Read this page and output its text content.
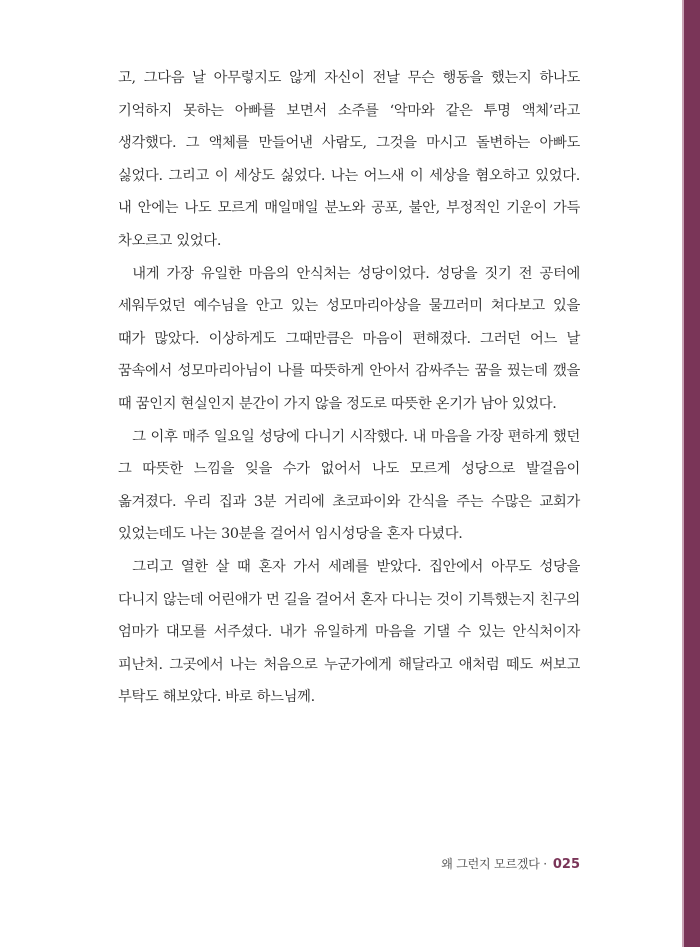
고, 그다음 날 아무렇지도 않게 자신이 전날 무슨 행동을 했는지 하나도 기억하지 못하는 아빠를 보면서 소주를 ‘악마와 같은 투명 액체’라고 생각했다. 그 액체를 만들어낸 사람도, 그것을 마시고 돌변하는 아빠도 싫었다. 그리고 이 세상도 싫었다. 나는 어느새 이 세상을 혐오하고 있었다. 내 안에는 나도 모르게 매일매일 분노와 공포, 불안, 부정적인 기운이 가득 차오르고 있었다.

내게 가장 유일한 마음의 안식처는 성당이었다. 성당을 짓기 전 공터에 세워두었던 예수님을 안고 있는 성모마리아상을 물끄러미 쳐다보고 있을 때가 많았다. 이상하게도 그때만큼은 마음이 편해졌다. 그러던 어느 날 꿈속에서 성모마리아님이 나를 따뜻하게 안아서 감싸주는 꿈을 꿨는데 깼을 때 꿈인지 현실인지 분간이 가지 않을 정도로 따뜻한 온기가 남아 있었다.

그 이후 매주 일요일 성당에 다니기 시작했다. 내 마음을 가장 편하게 했던 그 따뜻한 느낌을 잊을 수가 없어서 나도 모르게 성당으로 발걸음이 옮겨졌다. 우리 집과 3분 거리에 초코파이와 간식을 주는 수많은 교회가 있었는데도 나는 30분을 걸어서 임시성당을 혼자 다녔다.

그리고 열한 살 때 혼자 가서 세례를 받았다. 집안에서 아무도 성당을 다니지 않는데 어린애가 먼 길을 걸어서 혼자 다니는 것이 기특했는지 친구의 엄마가 대모를 서주셨다. 내가 유일하게 마음을 기댈 수 있는 안식처이자 피난처. 그곳에서 나는 처음으로 누군가에게 해달라고 애처럼 떼도 써보고 부탁도 해보았다. 바로 하느님께.

왜 그런지 모르겠다 · 025
